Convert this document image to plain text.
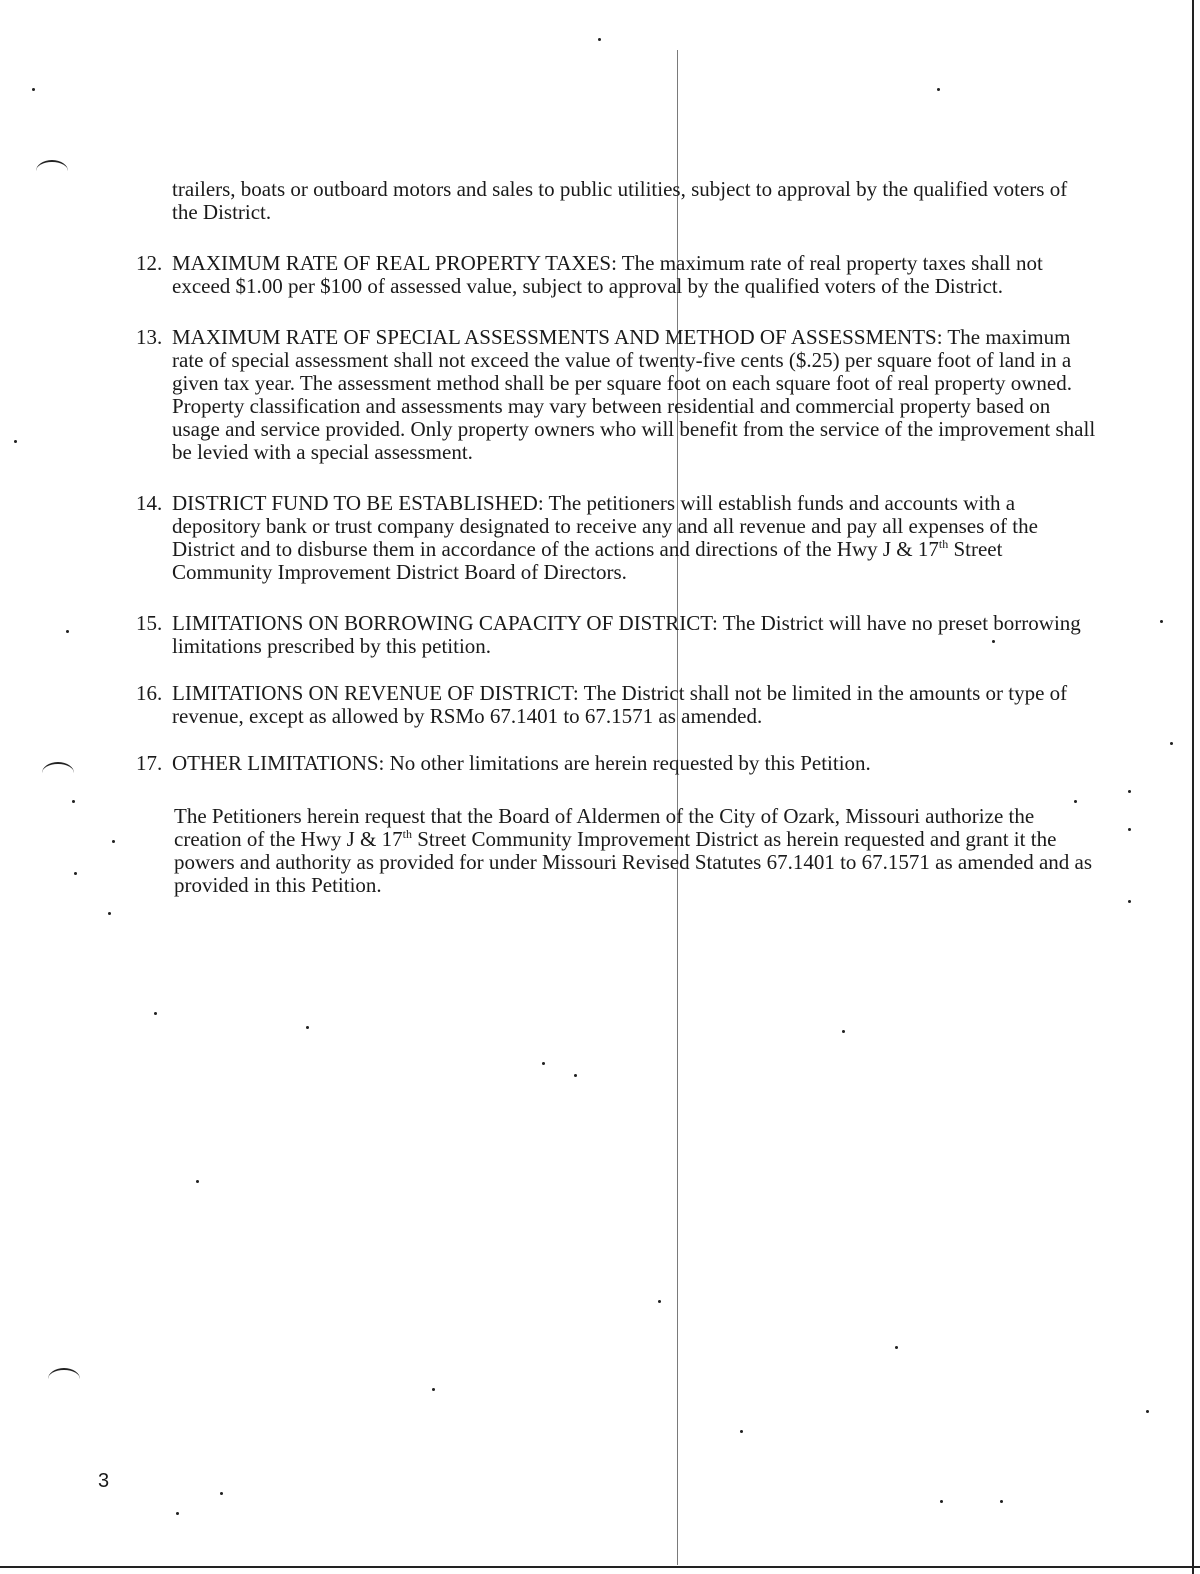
trailers, boats or outboard motors and sales to public utilities, subject to approval by the qualified voters of the District.

12. MAXIMUM RATE OF REAL PROPERTY TAXES: The maximum rate of real property taxes shall not exceed $1.00 per $100 of assessed value, subject to approval by the qualified voters of the District.
13. MAXIMUM RATE OF SPECIAL ASSESSMENTS AND METHOD OF ASSESSMENTS: The maximum rate of special assessment shall not exceed the value of twenty-five cents ($.25) per square foot of land in a given tax year. The assessment method shall be per square foot on each square foot of real property owned. Property classification and assessments may vary between residential and commercial property based on usage and service provided. Only property owners who will benefit from the service of the improvement shall be levied with a special assessment.
14. DISTRICT FUND TO BE ESTABLISHED: The petitioners will establish funds and accounts with a depository bank or trust company designated to receive any and all revenue and pay all expenses of the District and to disburse them in accordance of the actions and directions of the Hwy J & 17th Street Community Improvement District Board of Directors.
15. LIMITATIONS ON BORROWING CAPACITY OF DISTRICT: The District will have no preset borrowing limitations prescribed by this petition.
16. LIMITATIONS ON REVENUE OF DISTRICT: The District shall not be limited in the amounts or type of revenue, except as allowed by RSMo 67.1401 to 67.1571 as amended.
17. OTHER LIMITATIONS: No other limitations are herein requested by this Petition.

The Petitioners herein request that the Board of Aldermen of the City of Ozark, Missouri authorize the creation of the Hwy J & 17th Street Community Improvement District as herein requested and grant it the powers and authority as provided for under Missouri Revised Statutes 67.1401 to 67.1571 as amended and as provided in this Petition.

3
